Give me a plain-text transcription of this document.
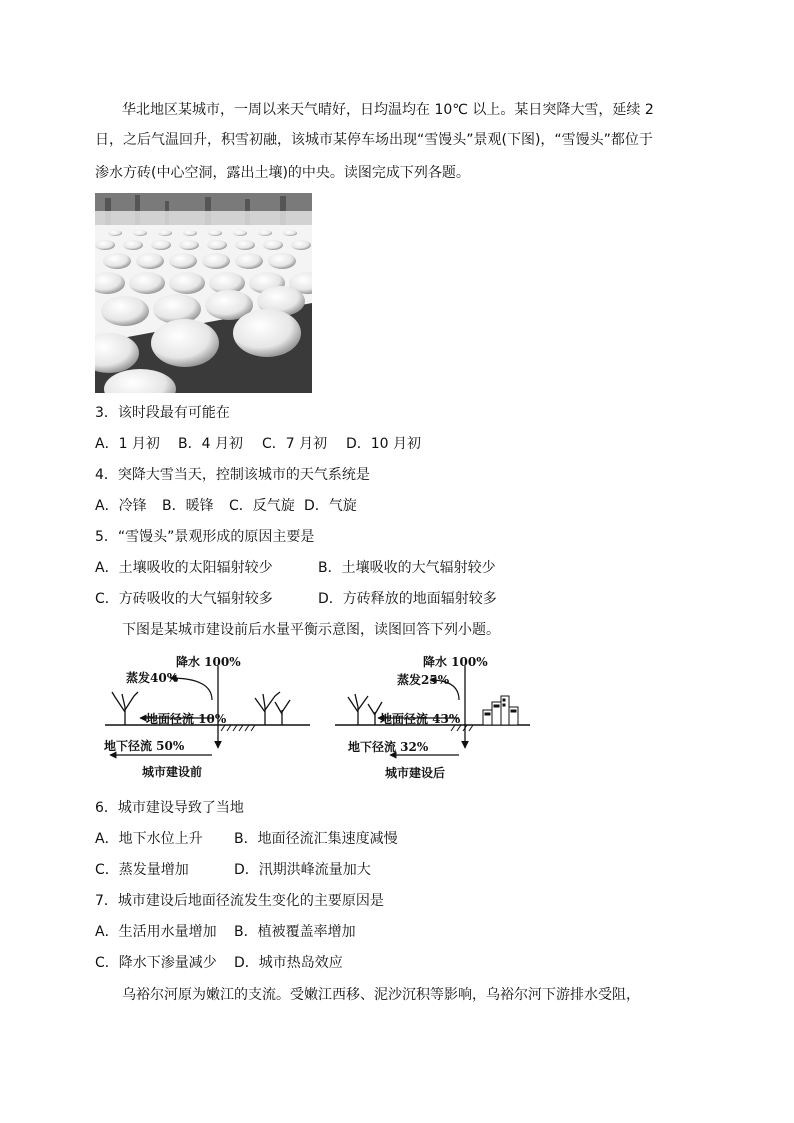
华北地区某城市，一周以来天气晴好，日均温均在 10℃ 以上。某日突降大雪，延续 2
日，之后气温回升，积雪初融，该城市某停车场出现“雪馒头”景观(下图)，“雪馒头”都位于
渗水方砖(中心空洞，露出土壤)的中央。读图完成下列各题。
3．该时段最有可能在
A．1 月初 B．4 月初 C．7 月初 D．10 月初
4．突降大雪当天，控制该城市的天气系统是
A．冷锋 B．暖锋 C．反气旋 D．气旋
5．“雪馒头”景观形成的原因主要是
A．土壤吸收的太阳辐射较少	B．土壤吸收的大气辐射较少
C．方砖吸收的大气辐射较多	D．方砖释放的地面辐射较多
下图是某城市建设前后水量平衡示意图，读图回答下列小题。
降水 100%
蒸发40%
地面径流 10%
地下径流 50%
城市建设前
降水 100%
蒸发25%
地面径流 43%
地下径流 32%
城市建设后
6．城市建设导致了当地
A．地下水位上升 B．地面径流汇集速度减慢
C．蒸发量增加	D．汛期洪峰流量加大
7．城市建设后地面径流发生变化的主要原因是
A．生活用水量增加 B．植被覆盖率增加
C．降水下渗量减少 D．城市热岛效应
乌裕尔河原为嫩江的支流。受嫩江西移、泥沙沉积等影响，乌裕尔河下游排水受阻，
